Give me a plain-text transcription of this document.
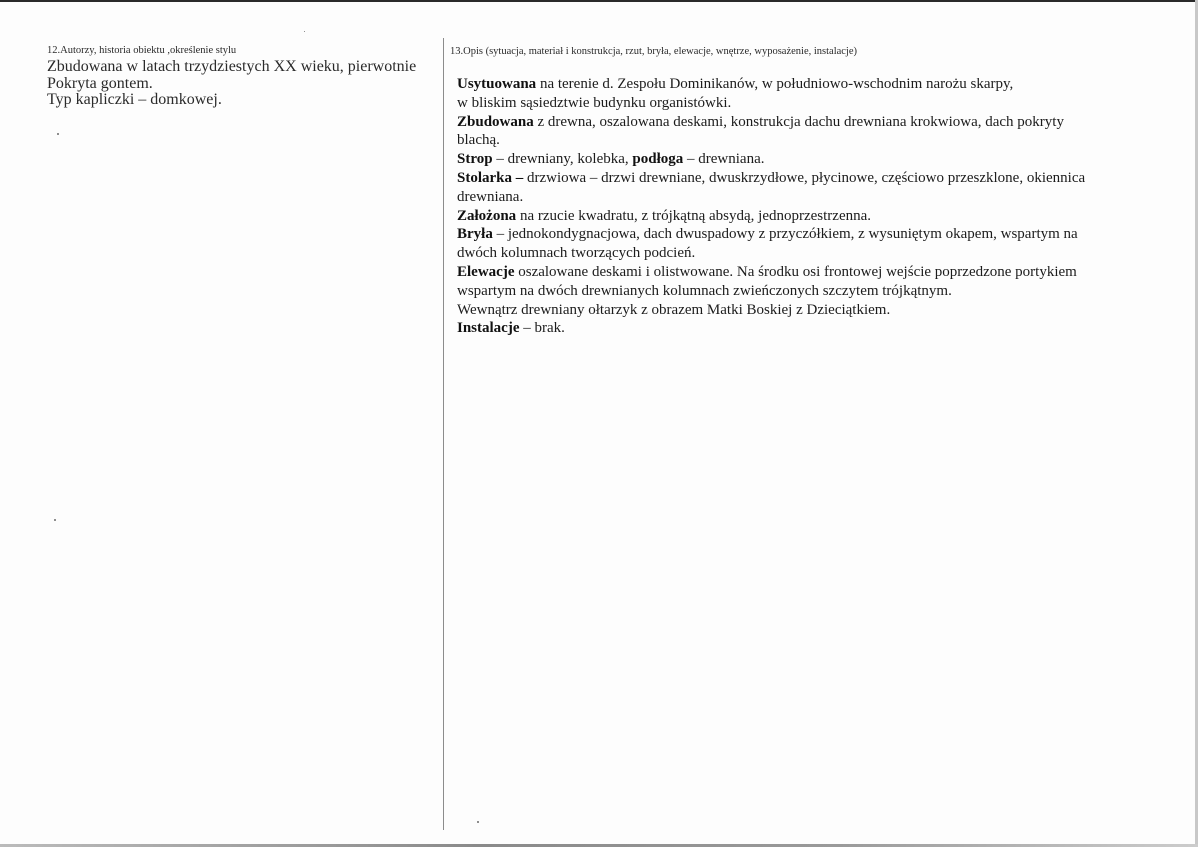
12.Autorzy, historia obiektu ,określenie stylu
Zbudowana w latach trzydziestych XX wieku, pierwotnie
Pokryta gontem.
Typ kapliczki – domkowej.
13.Opis (sytuacja, materiał i konstrukcja, rzut, bryła, elewacje, wnętrze, wyposażenie, instalacje)
Usytuowana na terenie d. Zespołu Dominikanów, w południowo-wschodnim narożu skarpy,
w bliskim sąsiedztwie budynku organistówki.
Zbudowana z drewna, oszalowana deskami, konstrukcja dachu drewniana krokwiowa, dach pokryty
blachą.
Strop – drewniany, kolebka, podłoga – drewniana.
Stolarka – drzwiowa – drzwi drewniane, dwuskrzydłowe, płycinowe, częściowo przeszklone, okiennica
drewniana.
Założona na rzucie kwadratu, z trójkątną absydą, jednoprzestrzenna.
Bryła – jednokondygnacjowa, dach dwuspadowy z przyczółkiem, z wysuniętym okapem, wspartym na
dwóch kolumnach tworzących podcień.
Elewacje oszalowane deskami i olistwowane. Na środku osi frontowej wejście poprzedzone portykiem
wspartym na dwóch drewnianych kolumnach zwieńczonych szczytem trójkątnym.
Wewnątrz drewniany ołtarzyk z obrazem Matki Boskiej z Dzieciątkiem.
Instalacje – brak.
